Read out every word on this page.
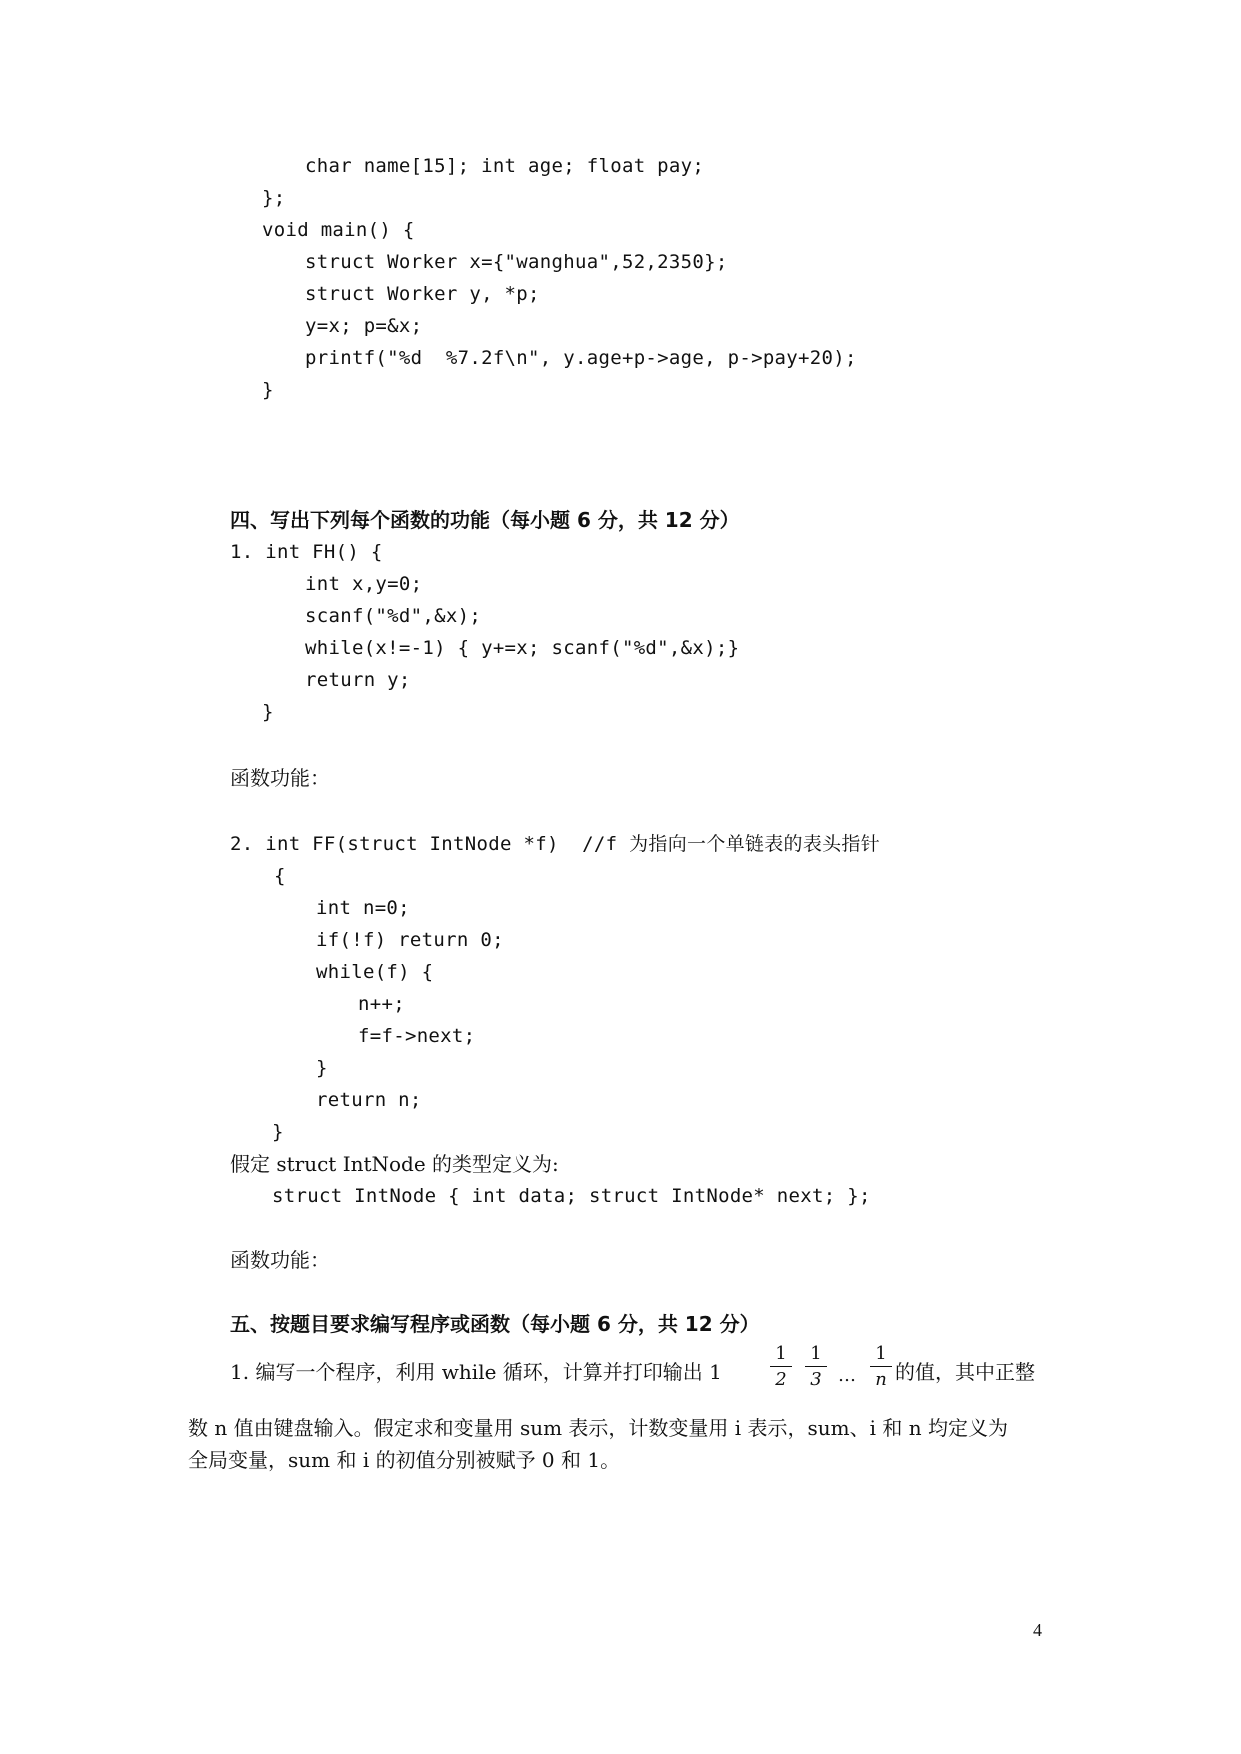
char name[15]; int age; float pay;
};
void main() {
struct Worker x={"wanghua",52,2350};
struct Worker y, *p;
y=x; p=&x;
printf("%d  %7.2f\n", y.age+p->age, p->pay+20);
}
四、写出下列每个函数的功能（每小题 6 分，共 12 分）
1. int FH() {
int x,y=0;
scanf("%d",&x);
while(x!=-1) { y+=x; scanf("%d",&x);}
return y;
}
函数功能：
2. int FF(struct IntNode *f)  //f 为指向一个单链表的表头指针
{
int n=0;
if(!f) return 0;
while(f) {
n++;
f=f->next;
}
return n;
}
假定 struct IntNode 的类型定义为:
struct IntNode { int data; struct IntNode* next; };
函数功能：
五、按题目要求编写程序或函数（每小题 6 分，共 12 分）
1. 编写一个程序，利用 while 循环，计算并打印输出 1	$\frac{1}{2} \frac{1}{3}$ … $\frac{1}{n}$ 的值，其中正整
数 n 值由键盘输入。假定求和变量用 sum 表示，计数变量用 i 表示，sum、i 和 n 均定义为
全局变量，sum 和 i 的初值分别被赋予 0 和 1。
4
